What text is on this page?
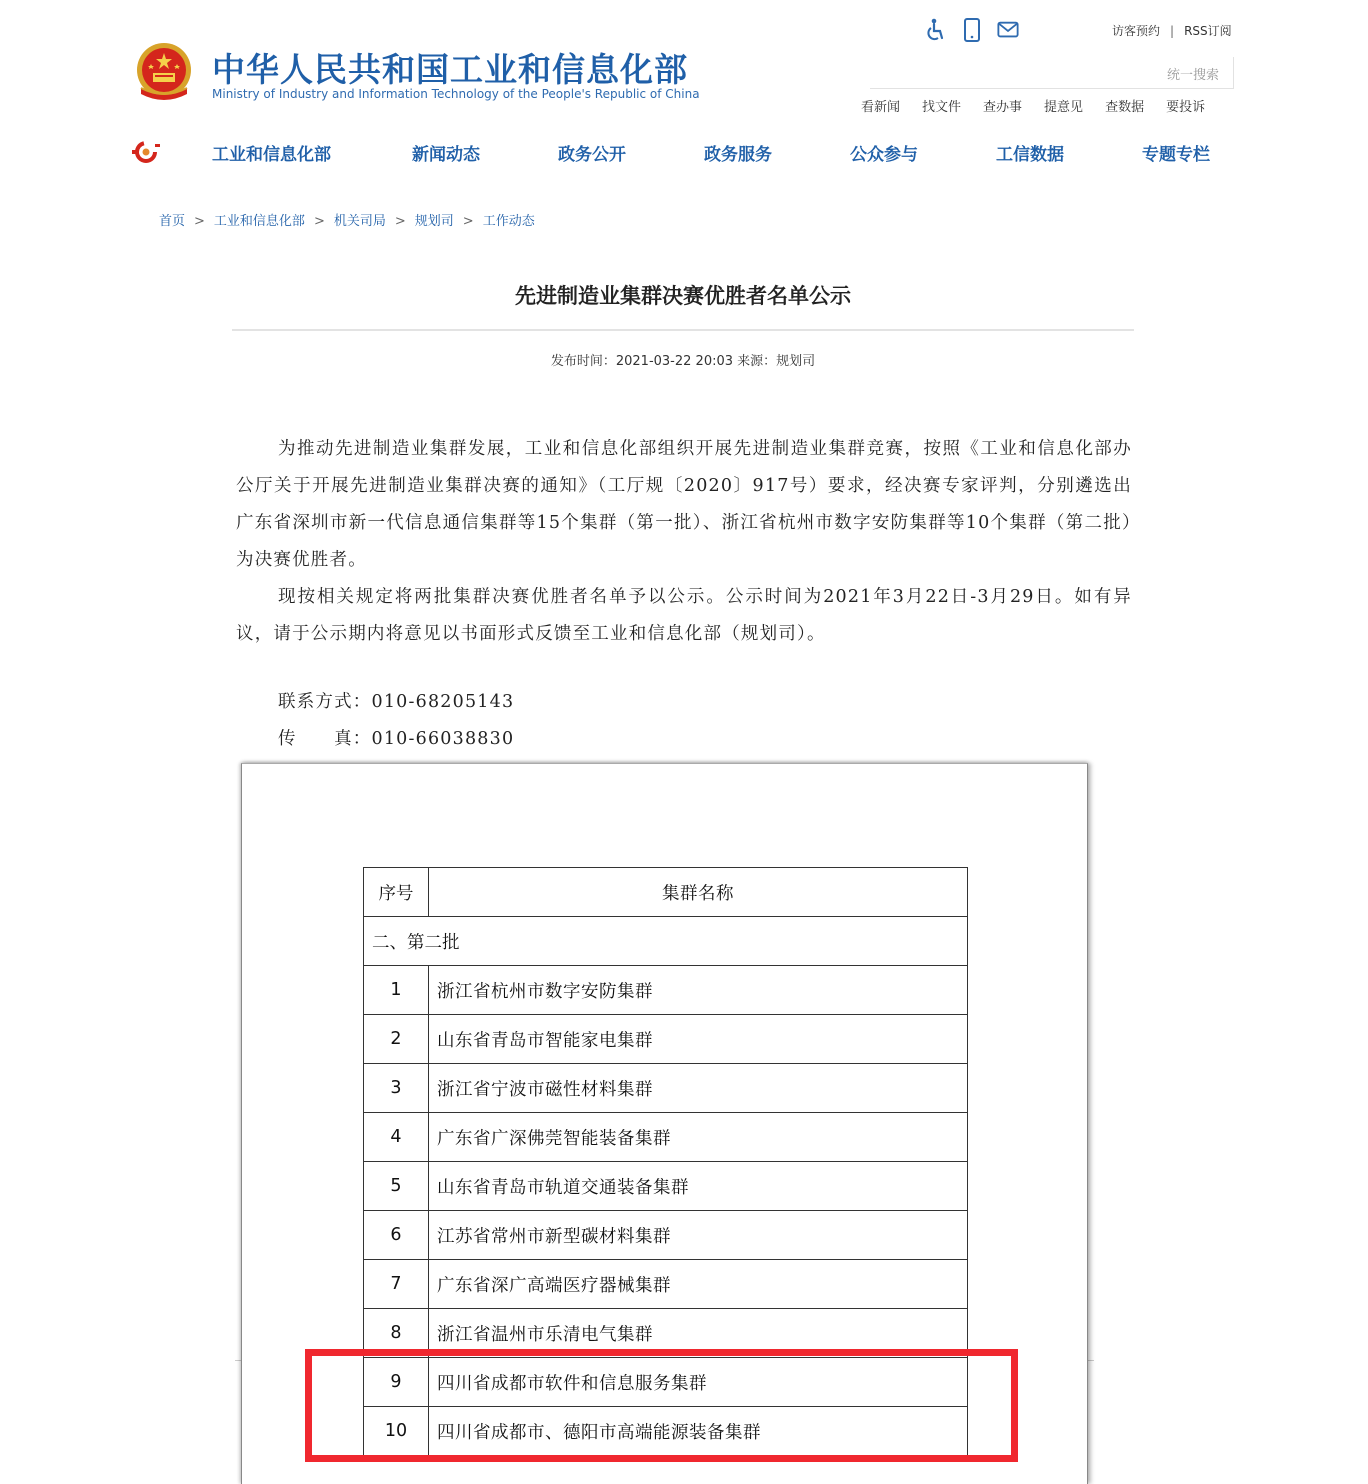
中华人民共和国工业和信息化部
Ministry of Industry and Information Technology of the People's Republic of China
访客预约 | RSS订阅
统一搜索
看新闻 找文件 查办事 提意见 查数据 要投诉
工业和信息化部	新闻动态	政务公开	政务服务	公众参与	工信数据	专题专栏
首页 > 工业和信息化部 > 机关司局 > 规划司 > 工作动态
先进制造业集群决赛优胜者名单公示
发布时间：2021-03-22 20:03 来源：规划司

为推动先进制造业集群发展，工业和信息化部组织开展先进制造业集群竞赛，按照《工业和信息化部办公厅关于开展先进制造业集群决赛的通知》（工厅规〔2020〕917号）要求，经决赛专家评判，分别遴选出广东省深圳市新一代信息通信集群等15个集群（第一批）、浙江省杭州市数字安防集群等10个集群（第二批）为决赛优胜者。

现按相关规定将两批集群决赛优胜者名单予以公示。公示时间为2021年3月22日-3月29日。如有异议，请于公示期内将意见以书面形式反馈至工业和信息化部（规划司）。

联系方式：010-68205143
传　　真：010-66038830
序号	集群名称
二、第二批	
1	浙江省杭州市数字安防集群
2	山东省青岛市智能家电集群
3	浙江省宁波市磁性材料集群
4	广东省广深佛莞智能装备集群
5	山东省青岛市轨道交通装备集群
6	江苏省常州市新型碳材料集群
7	广东省深广高端医疗器械集群
8	浙江省温州市乐清电气集群
9	四川省成都市软件和信息服务集群
10	四川省成都市、德阳市高端能源装备集群
